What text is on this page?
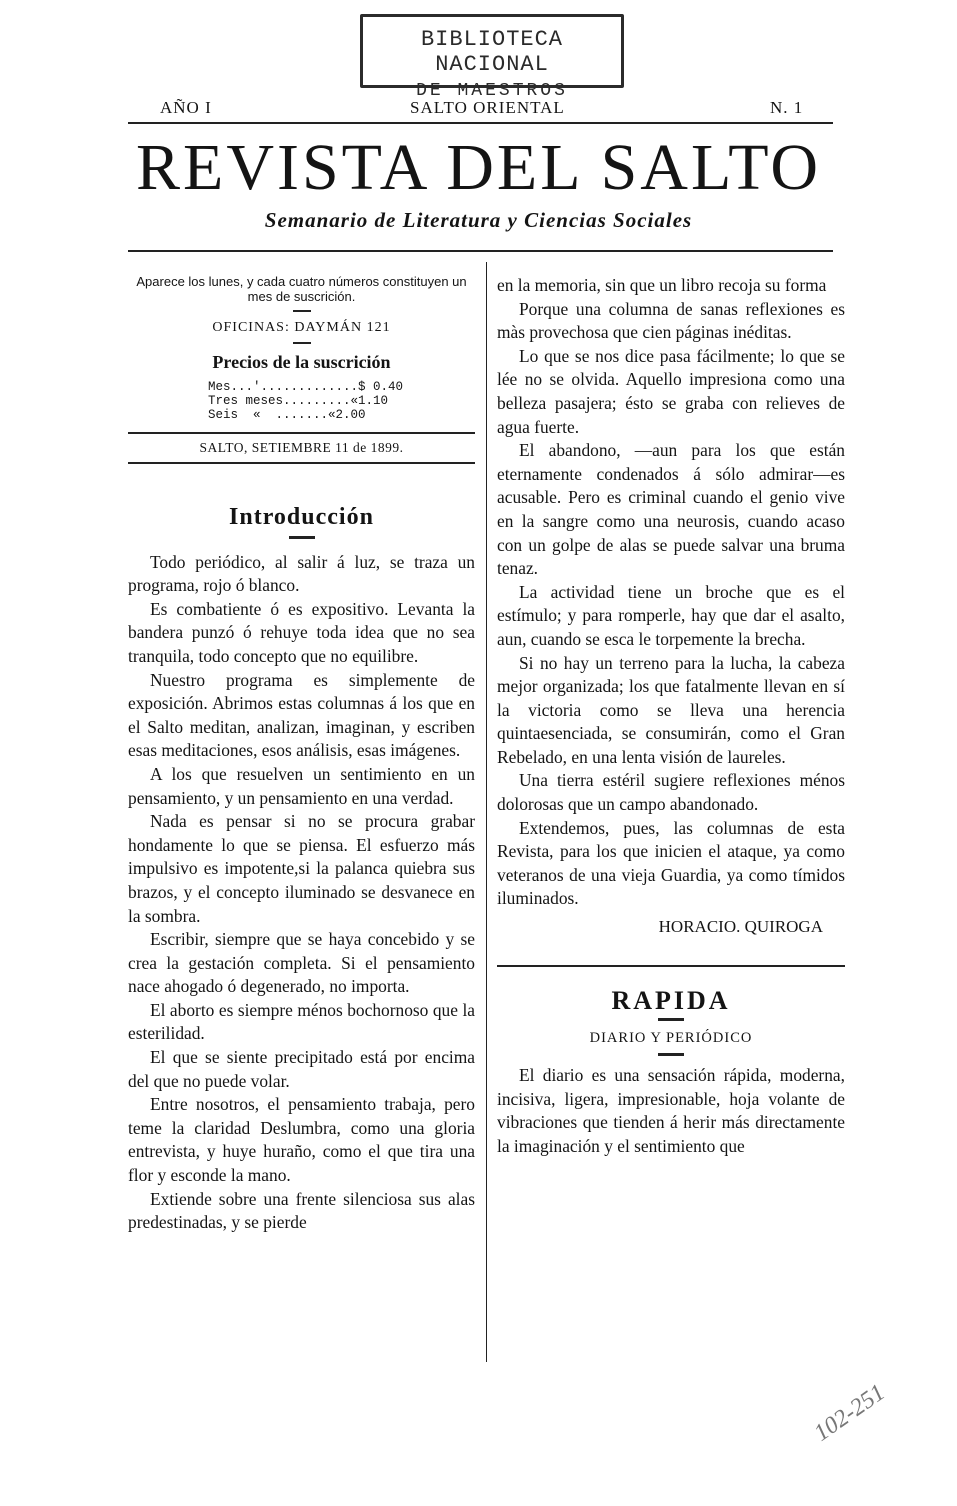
BIBLIOTECA NACIONAL
DE MAESTROS
AÑO I	SALTO ORIENTAL	N. 1
REVISTA DEL SALTO
Semanario de Literatura y Ciencias Sociales
Aparece los lunes, y cada cuatro números constituyen un mes de suscrición.
OFICINAS: DAYMÁN 121
Precios de la suscrición
Mes...'.............$ 0.40
Tres meses.........«1.10
Seis  «  .......«2.00
SALTO, SETIEMBRE 11 de 1899.
Introducción

Todo periódico, al salir á luz, se traza un programa, rojo ó blanco.

Es combatiente ó es expositivo. Levanta la bandera punzó ó rehuye toda idea que no sea tranquila, todo concepto que no equilibre.

Nuestro programa es simplemente de exposición. Abrimos estas columnas á los que en el Salto meditan, analizan, imaginan, y escriben esas meditaciones, esos análisis, esas imágenes.

A los que resuelven un sentimiento en un pensamiento, y un pensamiento en una verdad.

Nada es pensar si no se procura grabar hondamente lo que se piensa. El esfuerzo más impulsivo es impotente,si la palanca quiebra sus brazos, y el concepto iluminado se desvanece en la sombra.

Escribir, siempre que se haya concebido y se crea la gestación completa. Si el pensamiento nace ahogado ó degenerado, no importa.

El aborto es siempre ménos bochornoso que la esterilidad.

El que se siente precipitado está por encima del que no puede volar.

Entre nosotros, el pensamiento trabaja, pero teme la claridad Deslumbra, como una gloria entrevista, y huye huraño, como el que tira una flor y esconde la mano.

Extiende sobre una frente silenciosa sus alas predestinadas, y se pierde

en la memoria, sin que un libro recoja su forma

Porque una columna de sanas reflexiones es màs provechosa que cien páginas inéditas.

Lo que se nos dice pasa fácilmente; lo que se lée no se olvida. Aquello impresiona como una belleza pasajera; ésto se graba con relieves de agua fuerte.

El abandono, —aun para los que están eternamente condenados á sólo admirar—es acusable. Pero es criminal cuando el genio vive en la sangre como una neurosis, cuando acaso con un golpe de alas se puede salvar una bruma tenaz.

La actividad tiene un broche que es el estímulo; y para romperle, hay que dar el asalto, aun, cuando se esca le torpemente la brecha.

Si no hay un terreno para la lucha, la cabeza mejor organizada; los que fatalmente llevan en sí la victoria como se lleva una herencia quintaesenciada, se consumirán, como el Gran Rebelado, en una lenta visión de laureles.

Una tierra estéril sugiere reflexiones ménos dolorosas que un campo abandonado.

Extendemos, pues, las columnas de esta Revista, para los que inicien el ataque, ya como veteranos de una vieja Guardia, ya como tímidos iluminados.

HORACIO. QUIROGA
RAPIDA
DIARIO Y PERIÓDICO

El diario es una sensación rápida, moderna, incisiva, ligera, impresionable, hoja volante de vibraciones que tienden á herir más directamente la imaginación y el sentimiento que

102-251
